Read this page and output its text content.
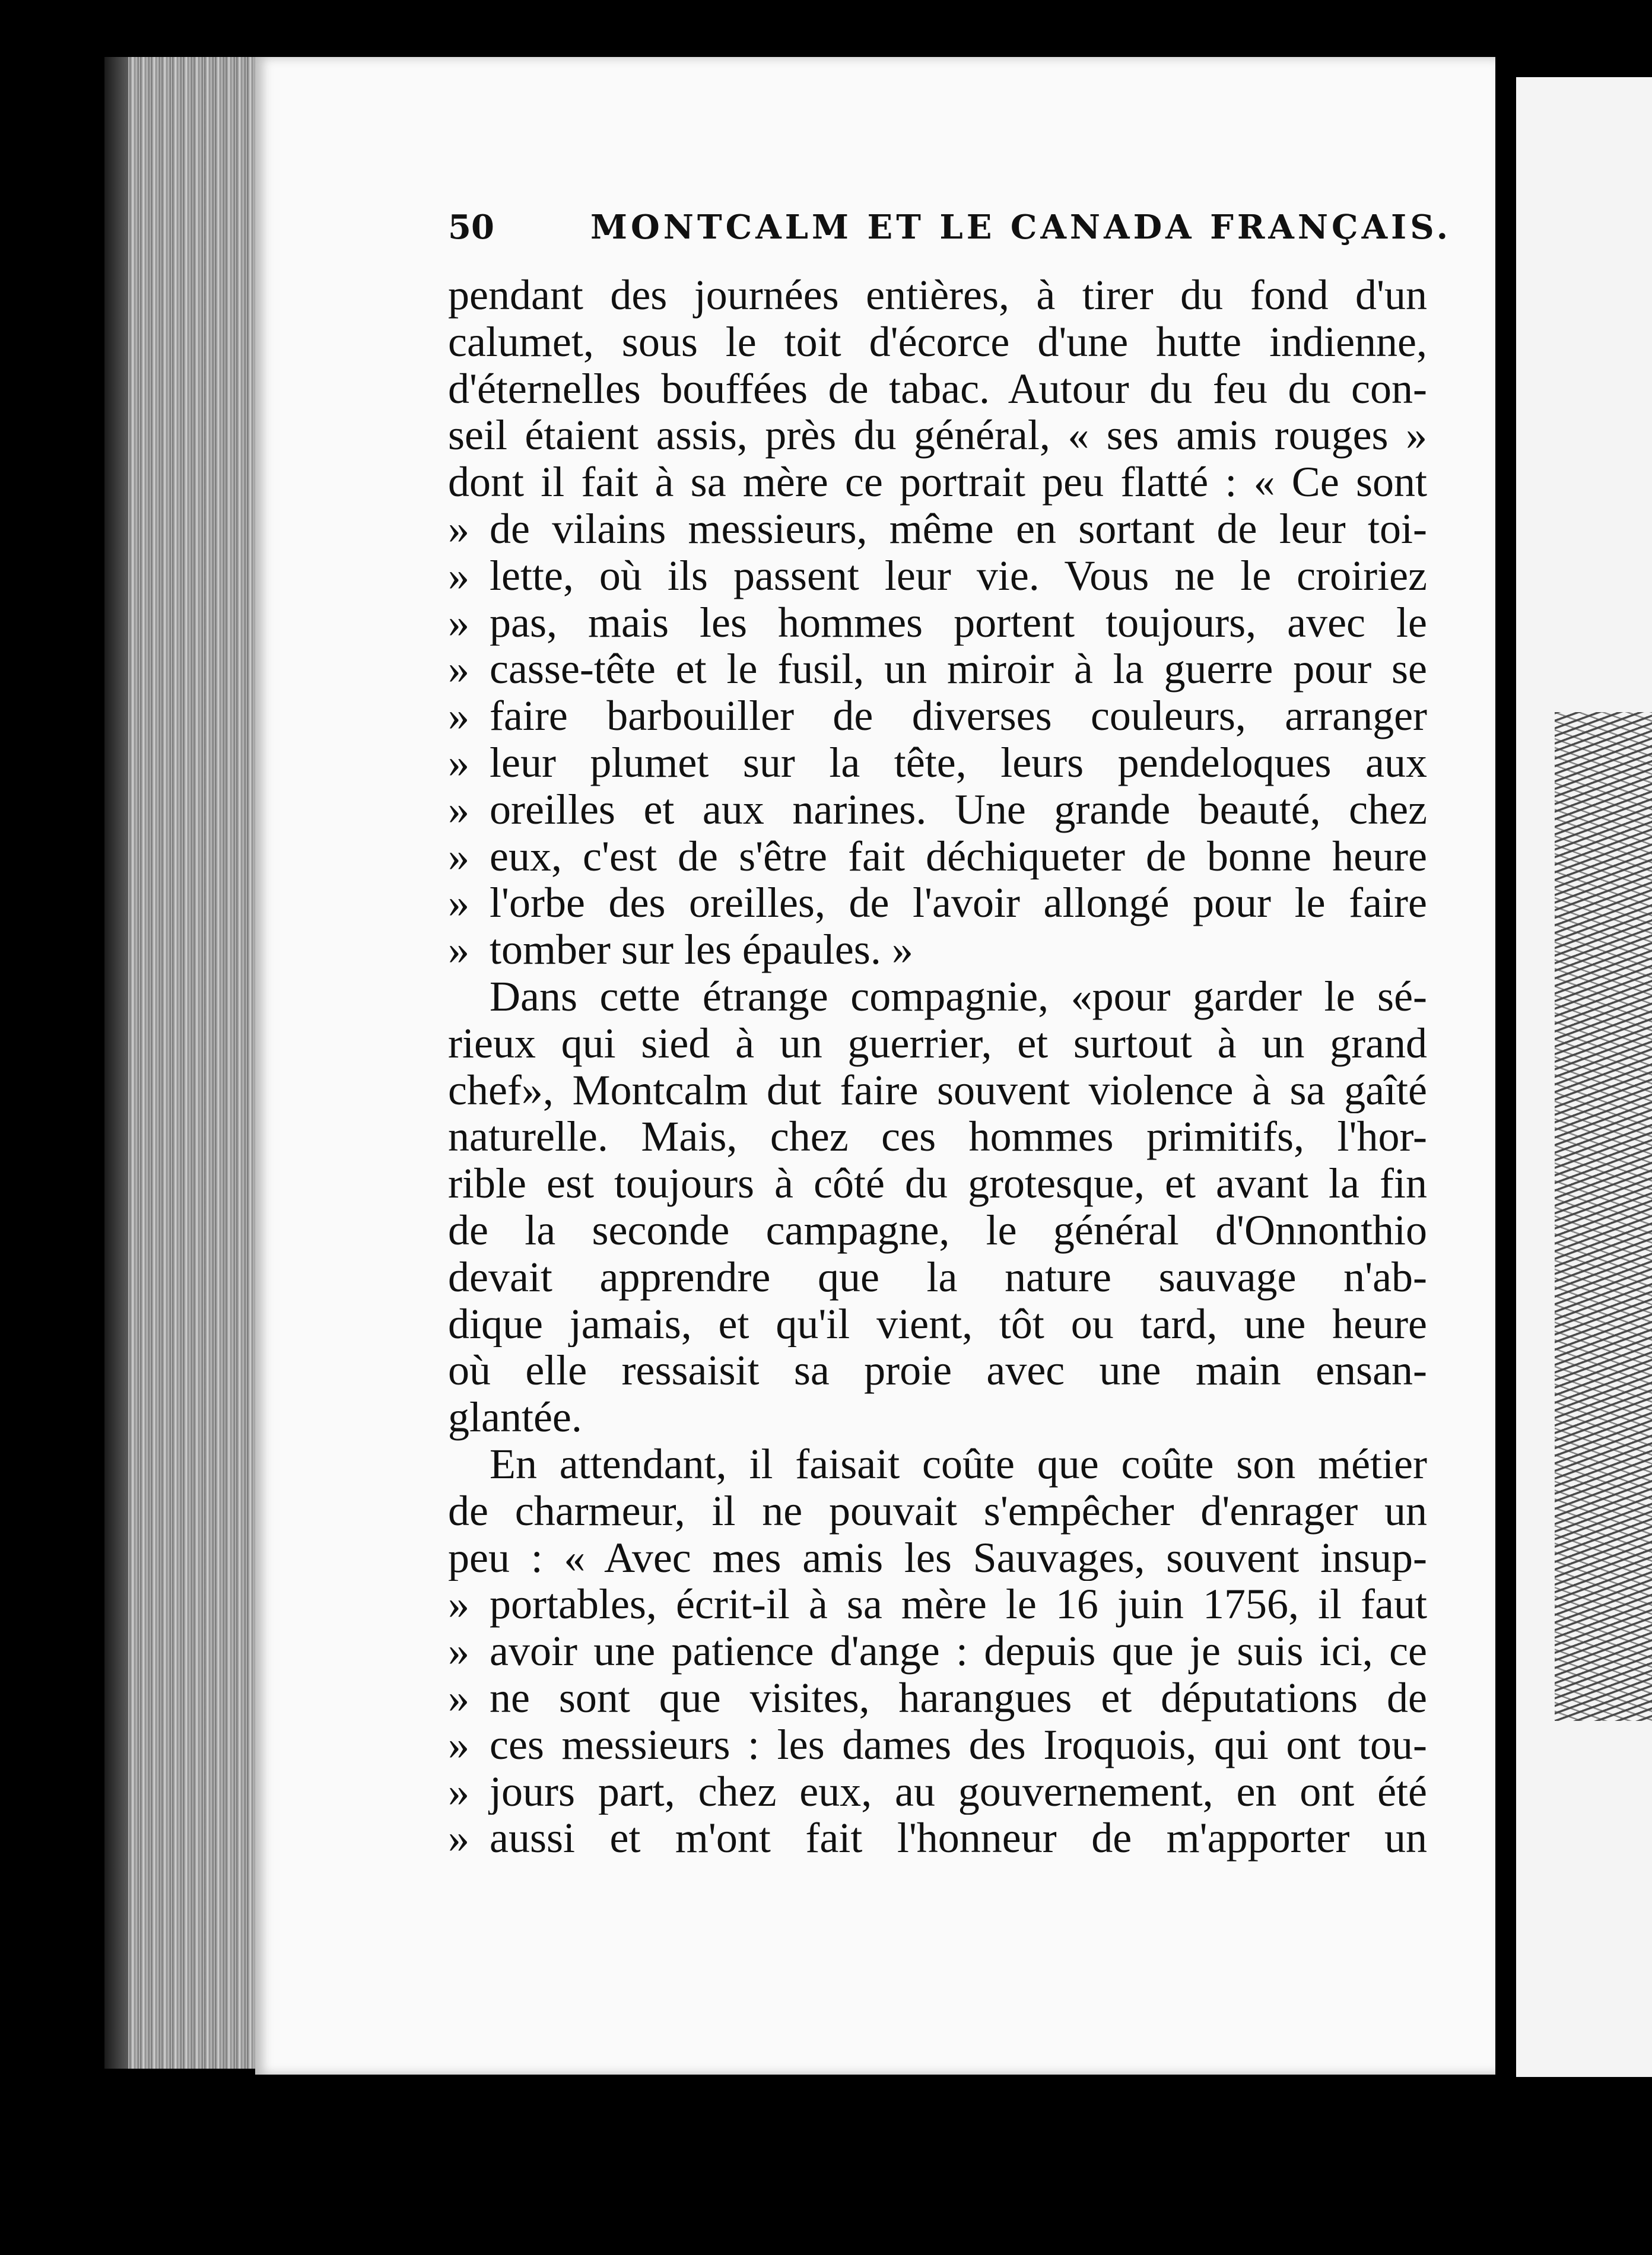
50	MONTCALM ET LE CANADA FRANÇAIS.
pendant des journées entières, à tirer du fond d'un
calumet, sous le toit d'écorce d'une hutte indienne,
d'éternelles bouffées de tabac. Autour du feu du con-
seil étaient assis, près du général, « ses amis rouges »
dont il fait à sa mère ce portrait peu flatté : « Ce sont
» de vilains messieurs, même en sortant de leur toi-
» lette, où ils passent leur vie. Vous ne le croiriez
» pas, mais les hommes portent toujours, avec le
» casse-tête et le fusil, un miroir à la guerre pour se
» faire barbouiller de diverses couleurs, arranger
» leur plumet sur la tête, leurs pendeloques aux
» oreilles et aux narines. Une grande beauté, chez
» eux, c'est de s'être fait déchiqueter de bonne heure
» l'orbe des oreilles, de l'avoir allongé pour le faire
» tomber sur les épaules. »
Dans cette étrange compagnie, «pour garder le sé-
rieux qui sied à un guerrier, et surtout à un grand
chef», Montcalm dut faire souvent violence à sa gaîté
naturelle. Mais, chez ces hommes primitifs, l'hor-
rible est toujours à côté du grotesque, et avant la fin
de la seconde campagne, le général d'Onnonthio
devait apprendre que la nature sauvage n'ab-
dique jamais, et qu'il vient, tôt ou tard, une heure
où elle ressaisit sa proie avec une main ensan-
glantée.
En attendant, il faisait coûte que coûte son métier
de charmeur, il ne pouvait s'empêcher d'enrager un
peu : « Avec mes amis les Sauvages, souvent insup-
» portables, écrit-il à sa mère le 16 juin 1756, il faut
» avoir une patience d'ange : depuis que je suis ici, ce
» ne sont que visites, harangues et députations de
» ces messieurs : les dames des Iroquois, qui ont tou-
» jours part, chez eux, au gouvernement, en ont été
» aussi et m'ont fait l'honneur de m'apporter un
